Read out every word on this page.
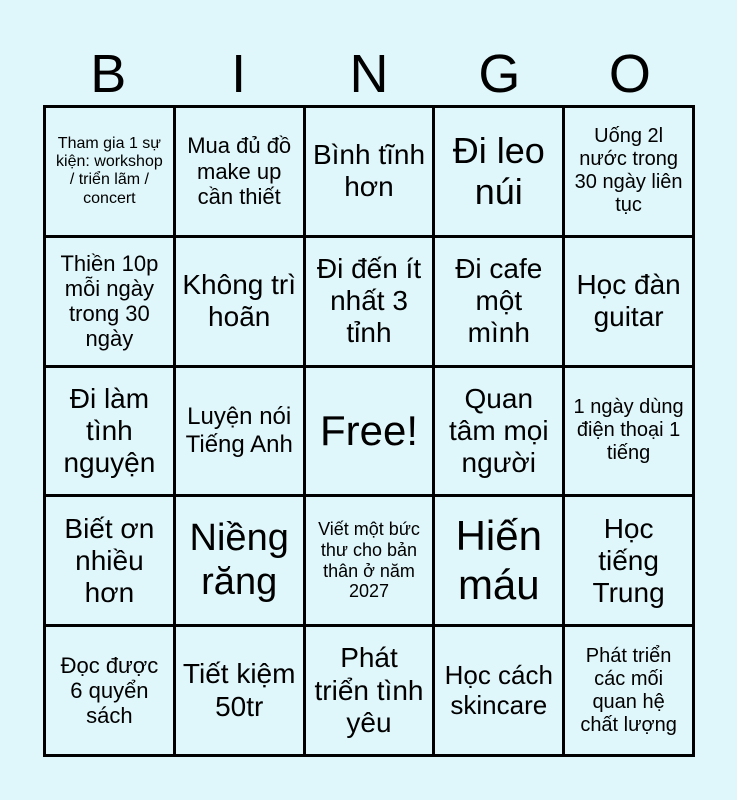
B	I	N	G	O
Tham gia 1 sự kiện: workshop / triển lãm / concert
Mua đủ đồ make up cần thiết
Bình tĩnh hơn
Đi leo núi
Uống 2l nước trong 30 ngày liên tục
Thiền 10p mỗi ngày trong 30 ngày
Không trì hoãn
Đi đến ít nhất 3 tỉnh
Đi cafe một mình
Học đàn guitar
Đi làm tình nguyện
Luyện nói Tiếng Anh Free!
Quan tâm mọi người
1 ngày dùng điện thoại 1 tiếng
Biết ơn nhiều hơn
Niềng răng
Viết một bức thư cho bản thân ở năm 2027
Hiến máu
Học tiếng Trung
Đọc được 6 quyển sách
Tiết kiệm 50tr
Phát triển tình yêu
Học cách skincare
Phát triển các mối quan hệ chất lượng
